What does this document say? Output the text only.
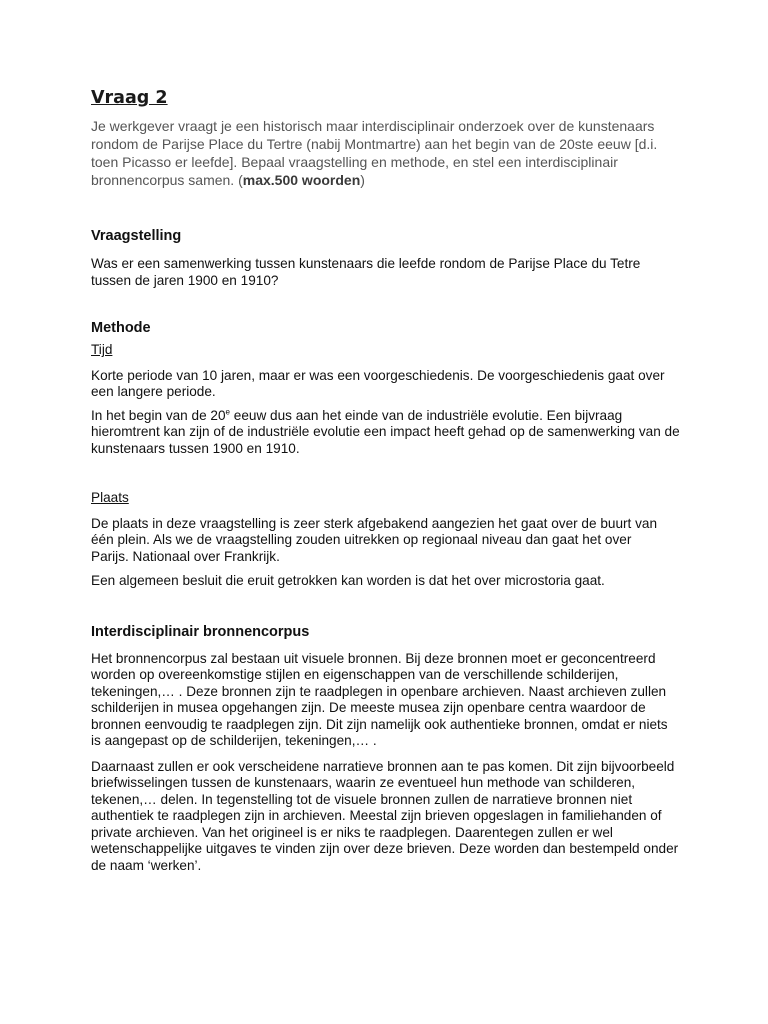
Vraag 2

Je werkgever vraagt je een historisch maar interdisciplinair onderzoek over de kunstenaars rondom de Parijse Place du Tertre (nabij Montmartre) aan het begin van de 20ste eeuw [d.i. toen Picasso er leefde]. Bepaal vraagstelling en methode, en stel een interdisciplinair bronnencorpus samen. (max.500 woorden)

Vraagstelling

Was er een samenwerking tussen kunstenaars die leefde rondom de Parijse Place du Tetre tussen de jaren 1900 en 1910?

Methode

Tijd

Korte periode van 10 jaren, maar er was een voorgeschiedenis. De voorgeschiedenis gaat over een langere periode.

In het begin van de 20e eeuw dus aan het einde van de industriële evolutie. Een bijvraag hieromtrent kan zijn of de industriële evolutie een impact heeft gehad op de samenwerking van de kunstenaars tussen 1900 en 1910.

Plaats

De plaats in deze vraagstelling is zeer sterk afgebakend aangezien het gaat over de buurt van één plein. Als we de vraagstelling zouden uitrekken op regionaal niveau dan gaat het over Parijs. Nationaal over Frankrijk.

Een algemeen besluit die eruit getrokken kan worden is dat het over microstoria gaat.

Interdisciplinair bronnencorpus

Het bronnencorpus zal bestaan uit visuele bronnen. Bij deze bronnen moet er geconcentreerd worden op overeenkomstige stijlen en eigenschappen van de verschillende schilderijen, tekeningen,… . Deze bronnen zijn te raadplegen in openbare archieven. Naast archieven zullen schilderijen in musea opgehangen zijn. De meeste musea zijn openbare centra waardoor de bronnen eenvoudig te raadplegen zijn. Dit zijn namelijk ook authentieke bronnen, omdat er niets is aangepast op de schilderijen, tekeningen,… .

Daarnaast zullen er ook verscheidene narratieve bronnen aan te pas komen. Dit zijn bijvoorbeeld briefwisselingen tussen de kunstenaars, waarin ze eventueel hun methode van schilderen, tekenen,… delen. In tegenstelling tot de visuele bronnen zullen de narratieve bronnen niet authentiek te raadplegen zijn in archieven. Meestal zijn brieven opgeslagen in familiehanden of private archieven. Van het origineel is er niks te raadplegen. Daarentegen zullen er wel wetenschappelijke uitgaves te vinden zijn over deze brieven. Deze worden dan bestempeld onder de naam ‘werken’.
